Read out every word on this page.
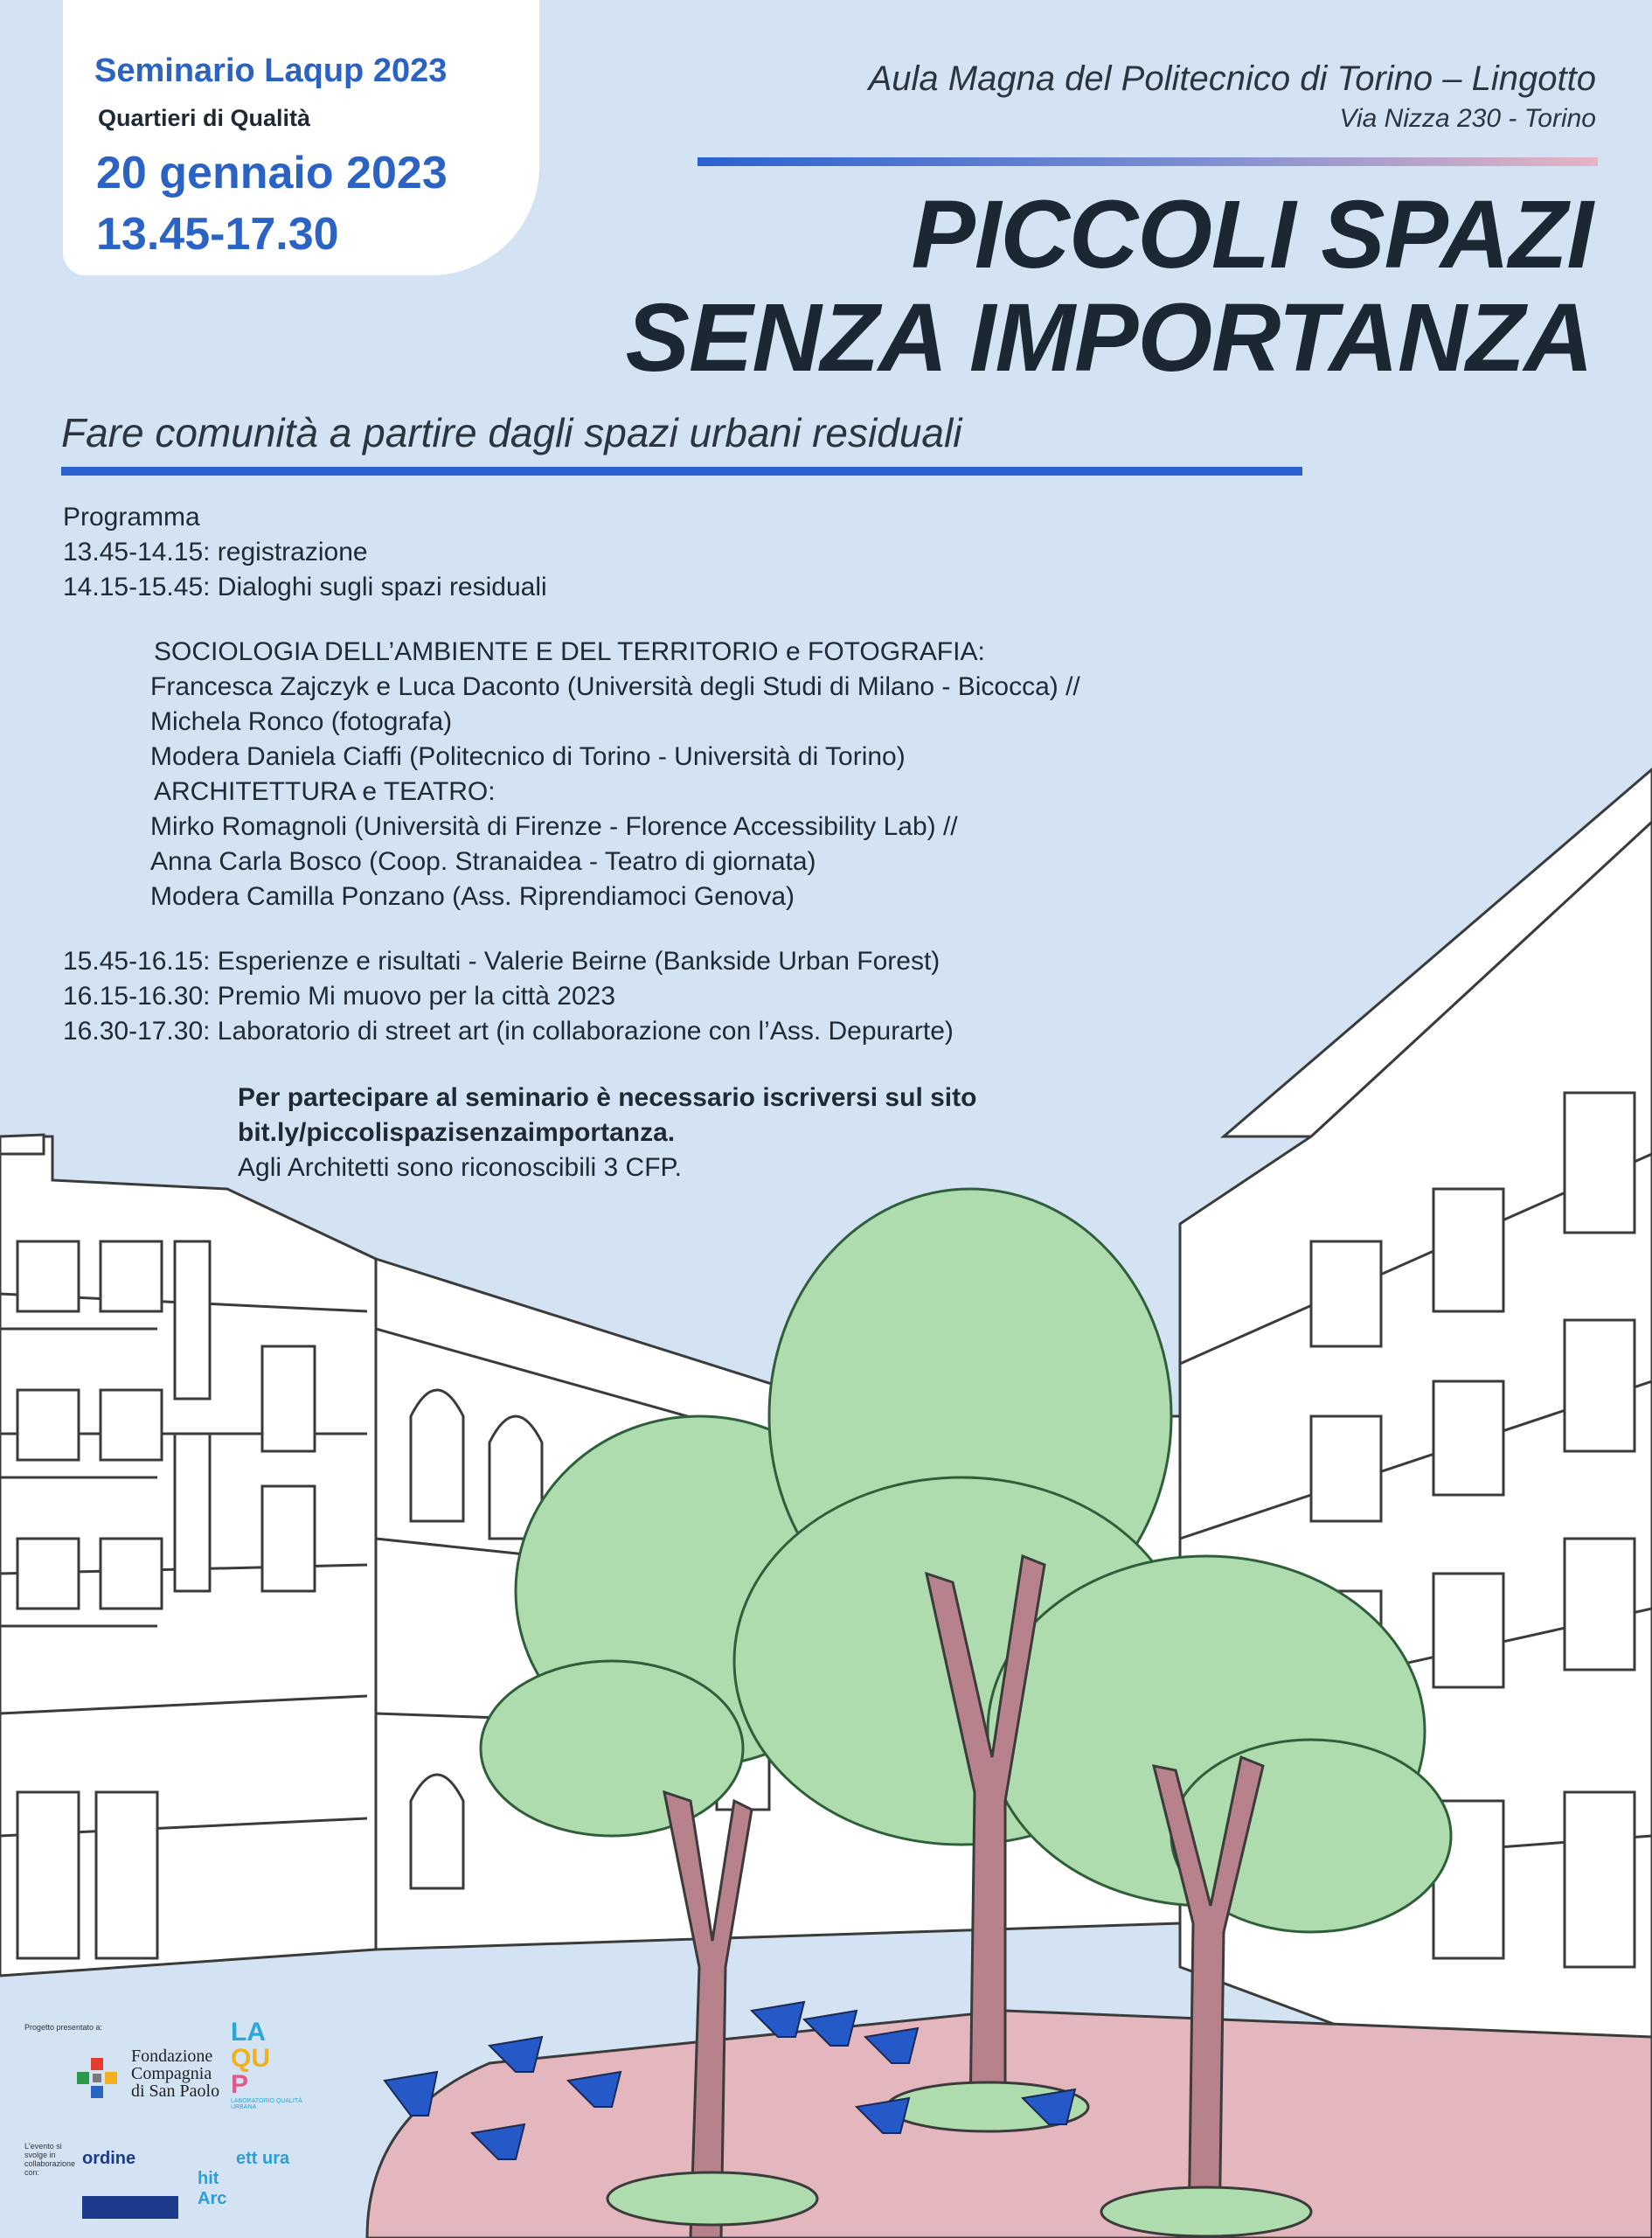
Seminario Laqup 2023
Quartieri di Qualità
20 gennaio 2023
13.45-17.30
Aula Magna del Politecnico di Torino – Lingotto
Via Nizza 230 - Torino
PICCOLI SPAZI
SENZA IMPORTANZA
Fare comunità a partire dagli spazi urbani residuali
Programma
13.45-14.15: registrazione
14.15-15.45: Dialoghi sugli spazi residuali
SOCIOLOGIA DELL’AMBIENTE E DEL TERRITORIO e FOTOGRAFIA:
Francesca Zajczyk e Luca Daconto (Università degli Studi di Milano - Bicocca) //
Michela Ronco (fotografa)
Modera Daniela Ciaffi (Politecnico di Torino - Università di Torino)
ARCHITETTURA e TEATRO:
Mirko Romagnoli (Università di Firenze - Florence Accessibility Lab) //
Anna Carla Bosco (Coop. Stranaidea - Teatro di giornata)
Modera Camilla Ponzano (Ass. Riprendiamoci Genova)
15.45-16.15: Esperienze e risultati - Valerie Beirne (Bankside Urban Forest)
16.15-16.30: Premio Mi muovo per la città 2023
16.30-17.30: Laboratorio di street art (in collaborazione con l’Ass. Depurarte)
Per partecipare al seminario è necessario iscriversi sul sito
bit.ly/piccolispazisenzaimportanza.
Agli Architetti sono riconoscibili 3 CFP.
Progetto presentato a:
Fondazione
Compagnia
di San Paolo
LA
QU
P
LABORATORIO QUALITÀ URBANA
L'evento si svolge in collaborazione con:
ordine	ett ura
hit
Arc
